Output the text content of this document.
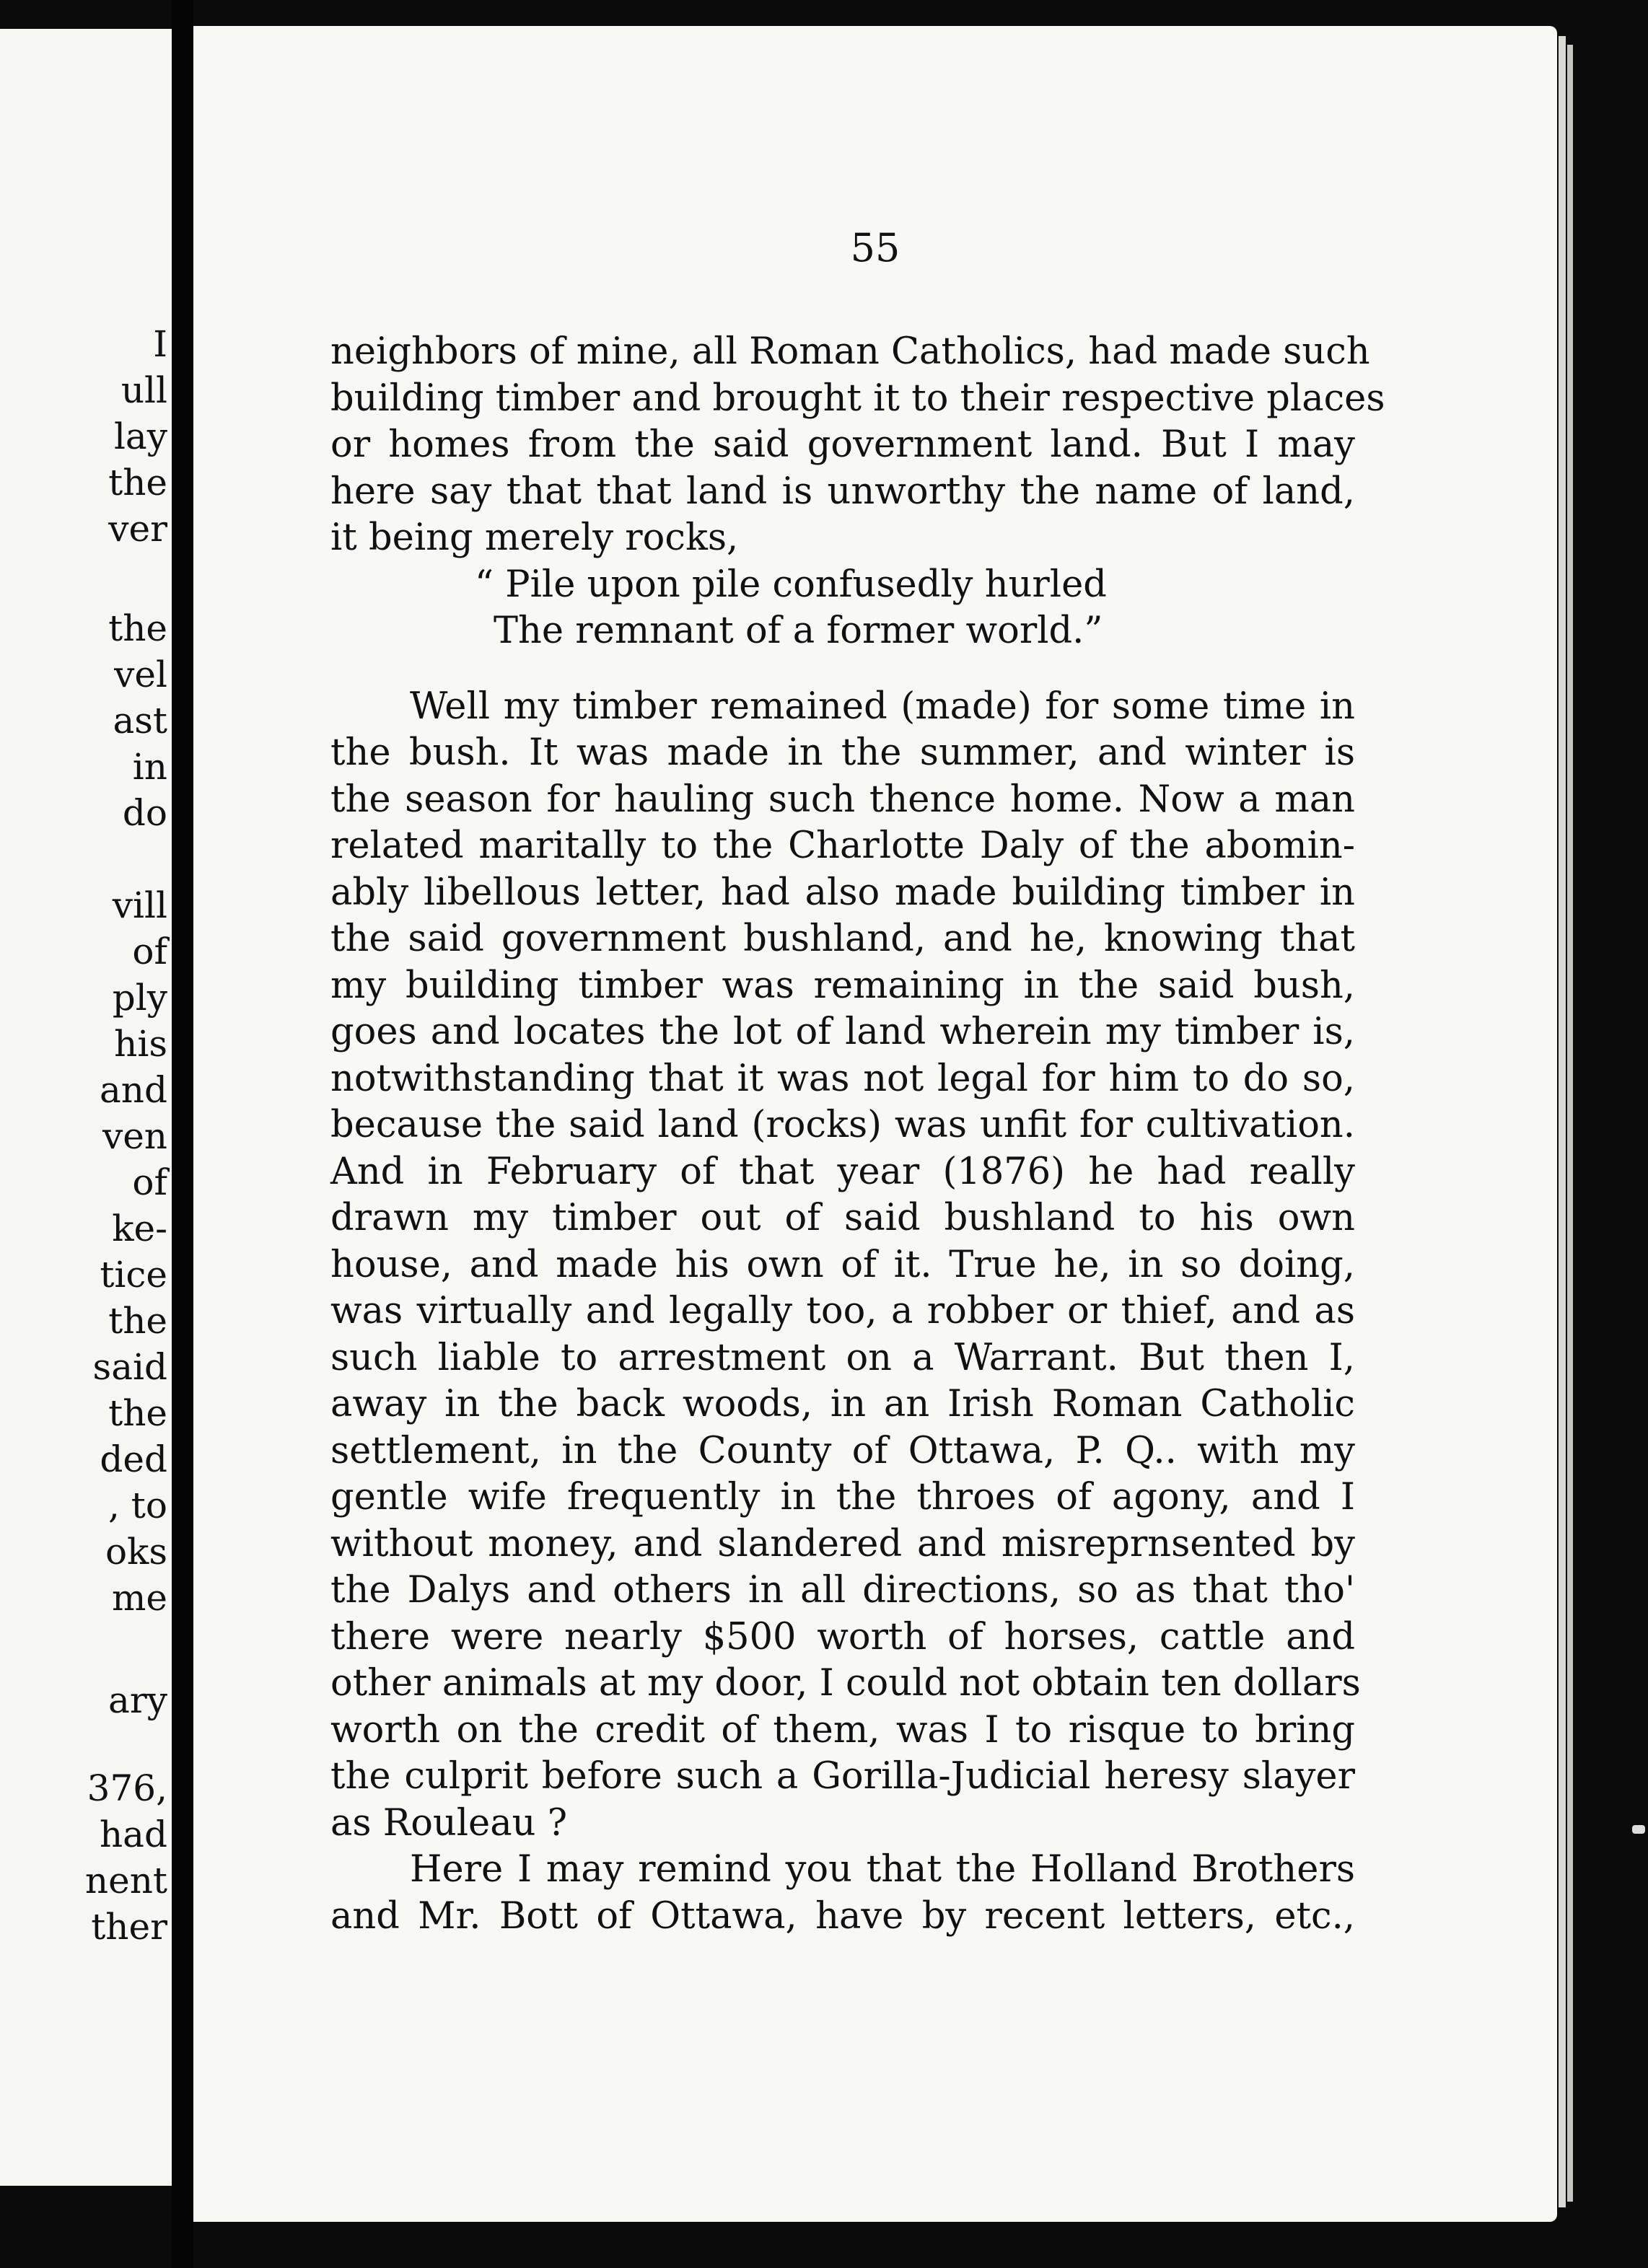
I
ull
lay
the
ver
the
vel
ast
in
do
vill
of
ply
his
and
ven
of
ke-
tice
the
said
the
ded
, to
oks
me
ary
376,
had
nent
ther
55
neighbors of mine, all Roman Catholics, had made such
building timber and brought it to their respective places
or homes from the said government land. But I may
here say that that land is unworthy the name of land,
it being merely rocks,
“ Pile upon pile confusedly hurled
The remnant of a former world.”
Well my timber remained (made) for some time in
the bush. It was made in the summer, and winter is
the season for hauling such thence home. Now a man
related maritally to the Charlotte Daly of the abomin-
ably libellous letter, had also made building timber in
the said government bushland, and he, knowing that
my building timber was remaining in the said bush,
goes and locates the lot of land wherein my timber is,
notwithstanding that it was not legal for him to do so,
because the said land (rocks) was unfit for cultivation.
And in February of that year (1876) he had really
drawn my timber out of said bushland to his own
house, and made his own of it. True he, in so doing,
was virtually and legally too, a robber or thief, and as
such liable to arrestment on a Warrant. But then I,
away in the back woods, in an Irish Roman Catholic
settlement, in the County of Ottawa, P. Q.. with my
gentle wife frequently in the throes of agony, and I
without money, and slandered and misreprnsented by
the Dalys and others in all directions, so as that tho'
there were nearly $500 worth of horses, cattle and
other animals at my door, I could not obtain ten dollars
worth on the credit of them, was I to risque to bring
the culprit before such a Gorilla-Judicial heresy slayer
as Rouleau ?
Here I may remind you that the Holland Brothers
and Mr. Bott of Ottawa, have by recent letters, etc.,
